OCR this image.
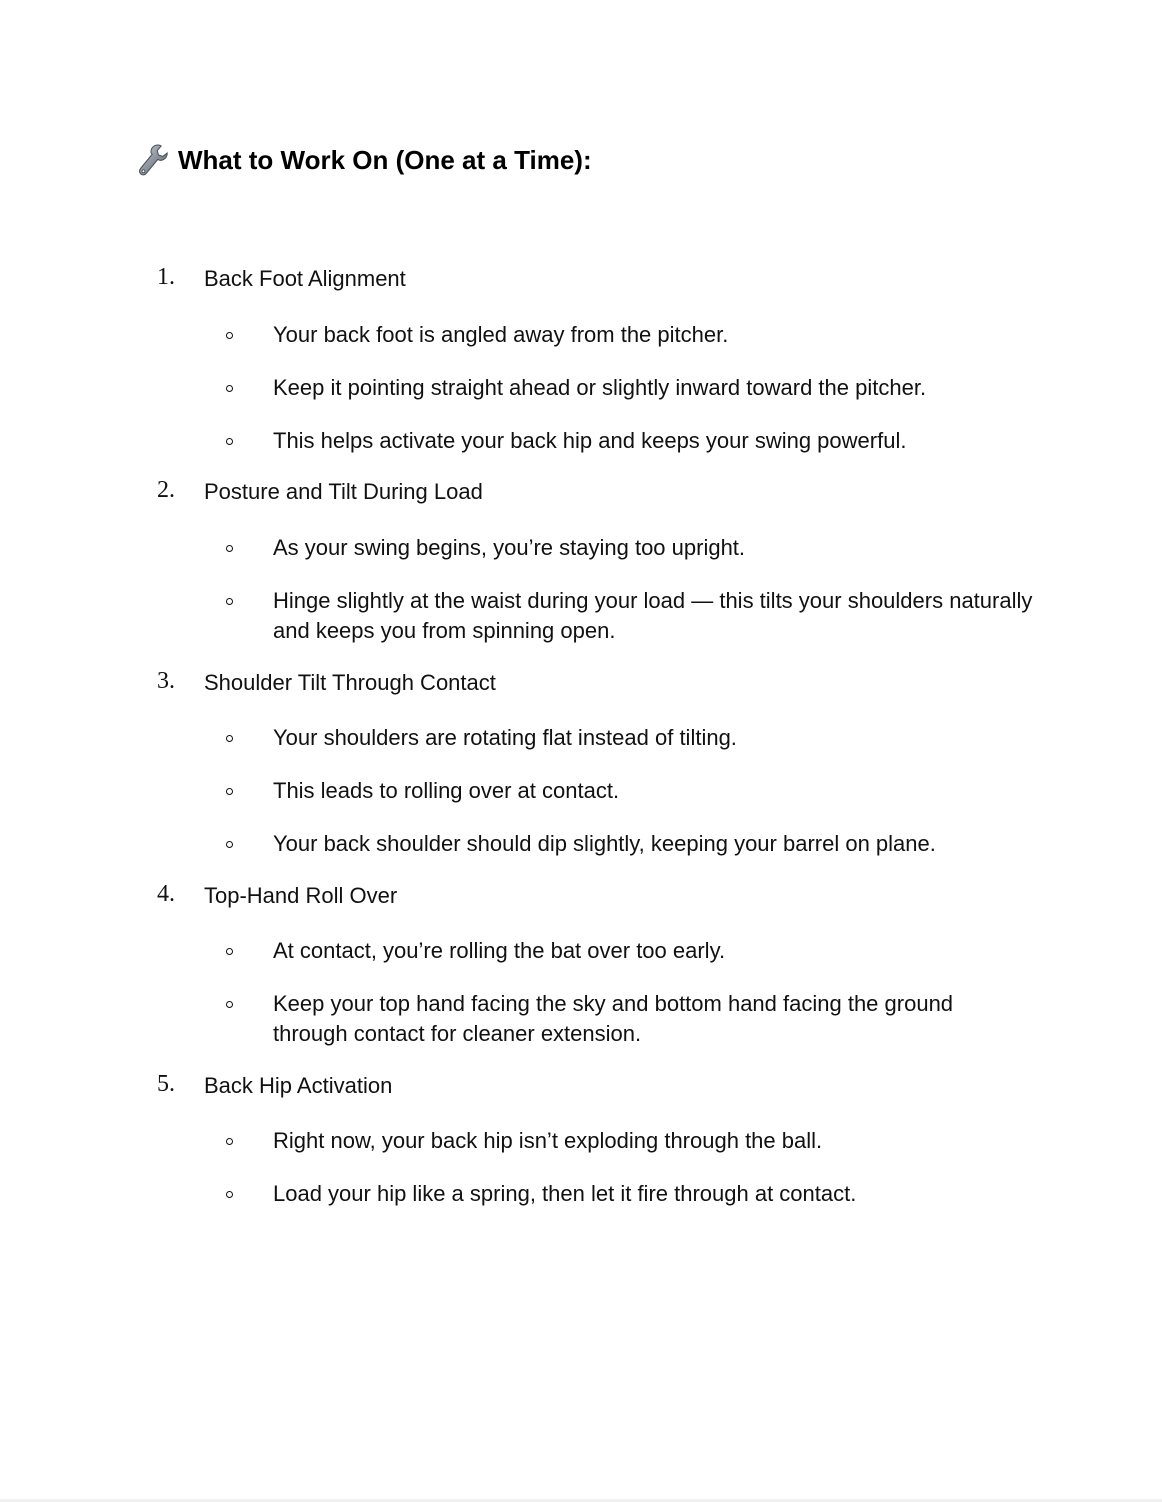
What to Work On (One at a Time):
1. Back Foot Alignment
Your back foot is angled away from the pitcher.
Keep it pointing straight ahead or slightly inward toward the pitcher.
This helps activate your back hip and keeps your swing powerful.
2. Posture and Tilt During Load
As your swing begins, you’re staying too upright.
Hinge slightly at the waist during your load — this tilts your shoulders naturally and keeps you from spinning open.
3. Shoulder Tilt Through Contact
Your shoulders are rotating flat instead of tilting.
This leads to rolling over at contact.
Your back shoulder should dip slightly, keeping your barrel on plane.
4. Top-Hand Roll Over
At contact, you’re rolling the bat over too early.
Keep your top hand facing the sky and bottom hand facing the ground through contact for cleaner extension.
5. Back Hip Activation
Right now, your back hip isn’t exploding through the ball.
Load your hip like a spring, then let it fire through at contact.
